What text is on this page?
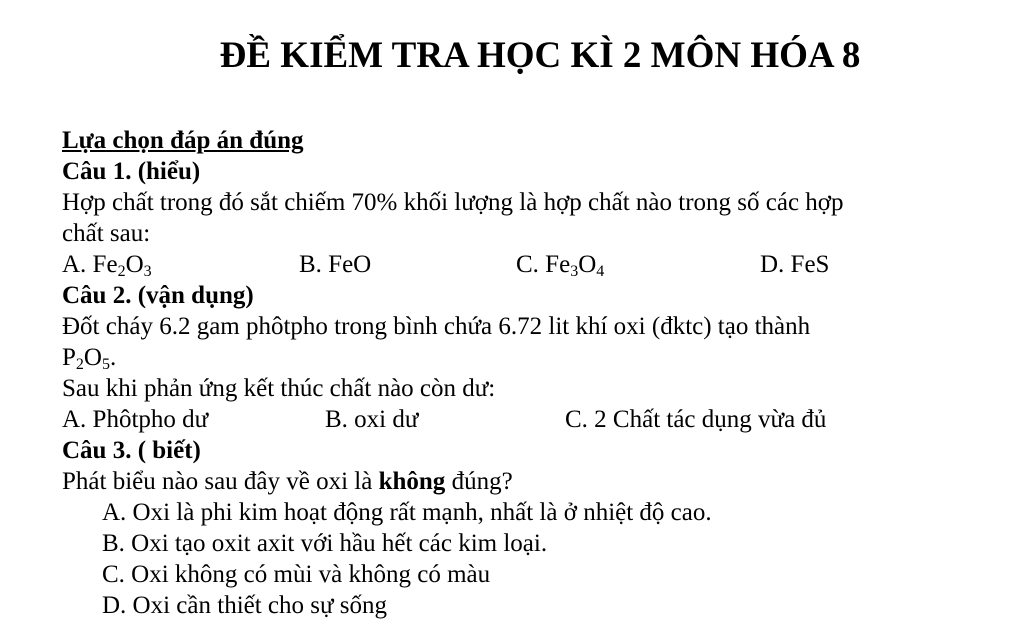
ĐỀ KIỂM TRA HỌC KÌ 2 MÔN HÓA 8
Lựa chọn đáp án đúng
Câu 1. (hiểu)
Hợp chất trong đó sắt chiếm 70% khối lượng là hợp chất nào trong số các hợp
chất sau:
A. $Fe_2O_3$	B. FeO	C. $Fe_3O_4$	D. FeS
Câu 2. (vận dụng)
Đốt cháy 6.2 gam phôtpho trong bình chứa 6.72 lit khí oxi (đktc) tạo thành
$P_2O_5$.
Sau khi phản ứng kết thúc chất nào còn dư:
A. Phôtpho dư	B. oxi dư	C. 2 Chất tác dụng vừa đủ
Câu 3. ( biết)
Phát biểu nào sau đây về oxi là không đúng?
A. Oxi là phi kim hoạt động rất mạnh, nhất là ở nhiệt độ cao.
B. Oxi tạo oxit axit với hầu hết các kim loại.
C. Oxi không có mùi và không có màu
D. Oxi cần thiết cho sự sống
